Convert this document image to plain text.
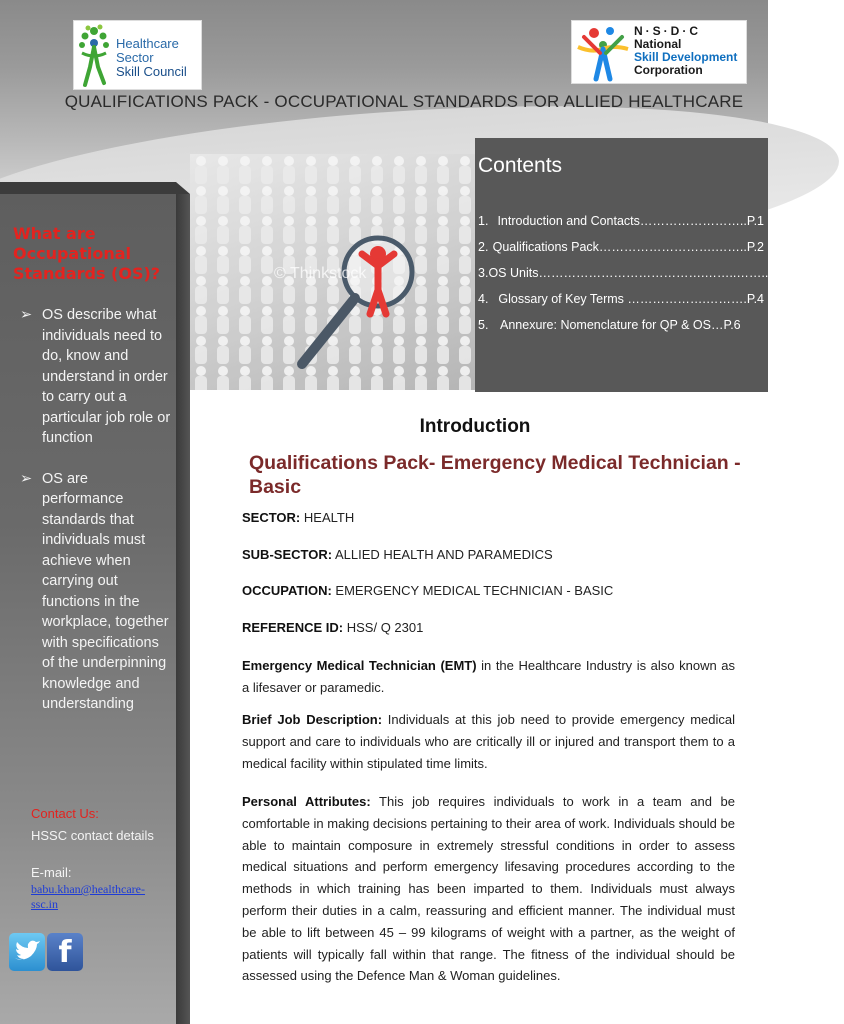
Healthcare
Sector
Skill Council
N·S·D·C
National
Skill Development
Corporation
QUALIFICATIONS PACK - OCCUPATIONAL STANDARDS FOR ALLIED HEALTHCARE
What are Occupational Standards (OS)?
➢ OS describe what individuals need to do, know and understand in order to carry out a particular job role or function
➢ OS are performance standards that individuals must achieve when carrying out functions in the workplace, together with specifications of the underpinning knowledge and understanding
Contact Us:
HSSC contact details
E-mail:
babu.khan@healthcare-ssc.in
f
© Thinkstock
Contents
1. Introduction and Contacts……………………..P.1
2. Qualifications Pack……………………….……..P.2
3. OS Units………………………………….……..……..P.8
4. Glossary of Key Terms ……………….……….P.4
5. Annexure: Nomenclature for QP & OS…P.6
Introduction
Qualifications Pack- Emergency Medical Technician - Basic
SECTOR: HEALTH
SUB-SECTOR: ALLIED HEALTH AND PARAMEDICS
OCCUPATION: EMERGENCY MEDICAL TECHNICIAN - BASIC
REFERENCE ID: HSS/ Q 2301
Emergency Medical Technician (EMT) in the Healthcare Industry is also known as a lifesaver or paramedic.
Brief Job Description: Individuals at this job need to provide emergency medical support and care to individuals who are critically ill or injured and transport them to a medical facility within stipulated time limits.
Personal Attributes: This job requires individuals to work in a team and be comfortable in making decisions pertaining to their area of work. Individuals should be able to maintain composure in extremely stressful conditions in order to assess medical situations and perform emergency lifesaving procedures according to the methods in which training has been imparted to them. Individuals must always perform their duties in a calm, reassuring and efficient manner. The individual must be able to lift between 45 – 99 kilograms of weight with a partner, as the weight of patients will typically fall within that range. The fitness of the individual should be assessed using the Defence Man & Woman guidelines.
